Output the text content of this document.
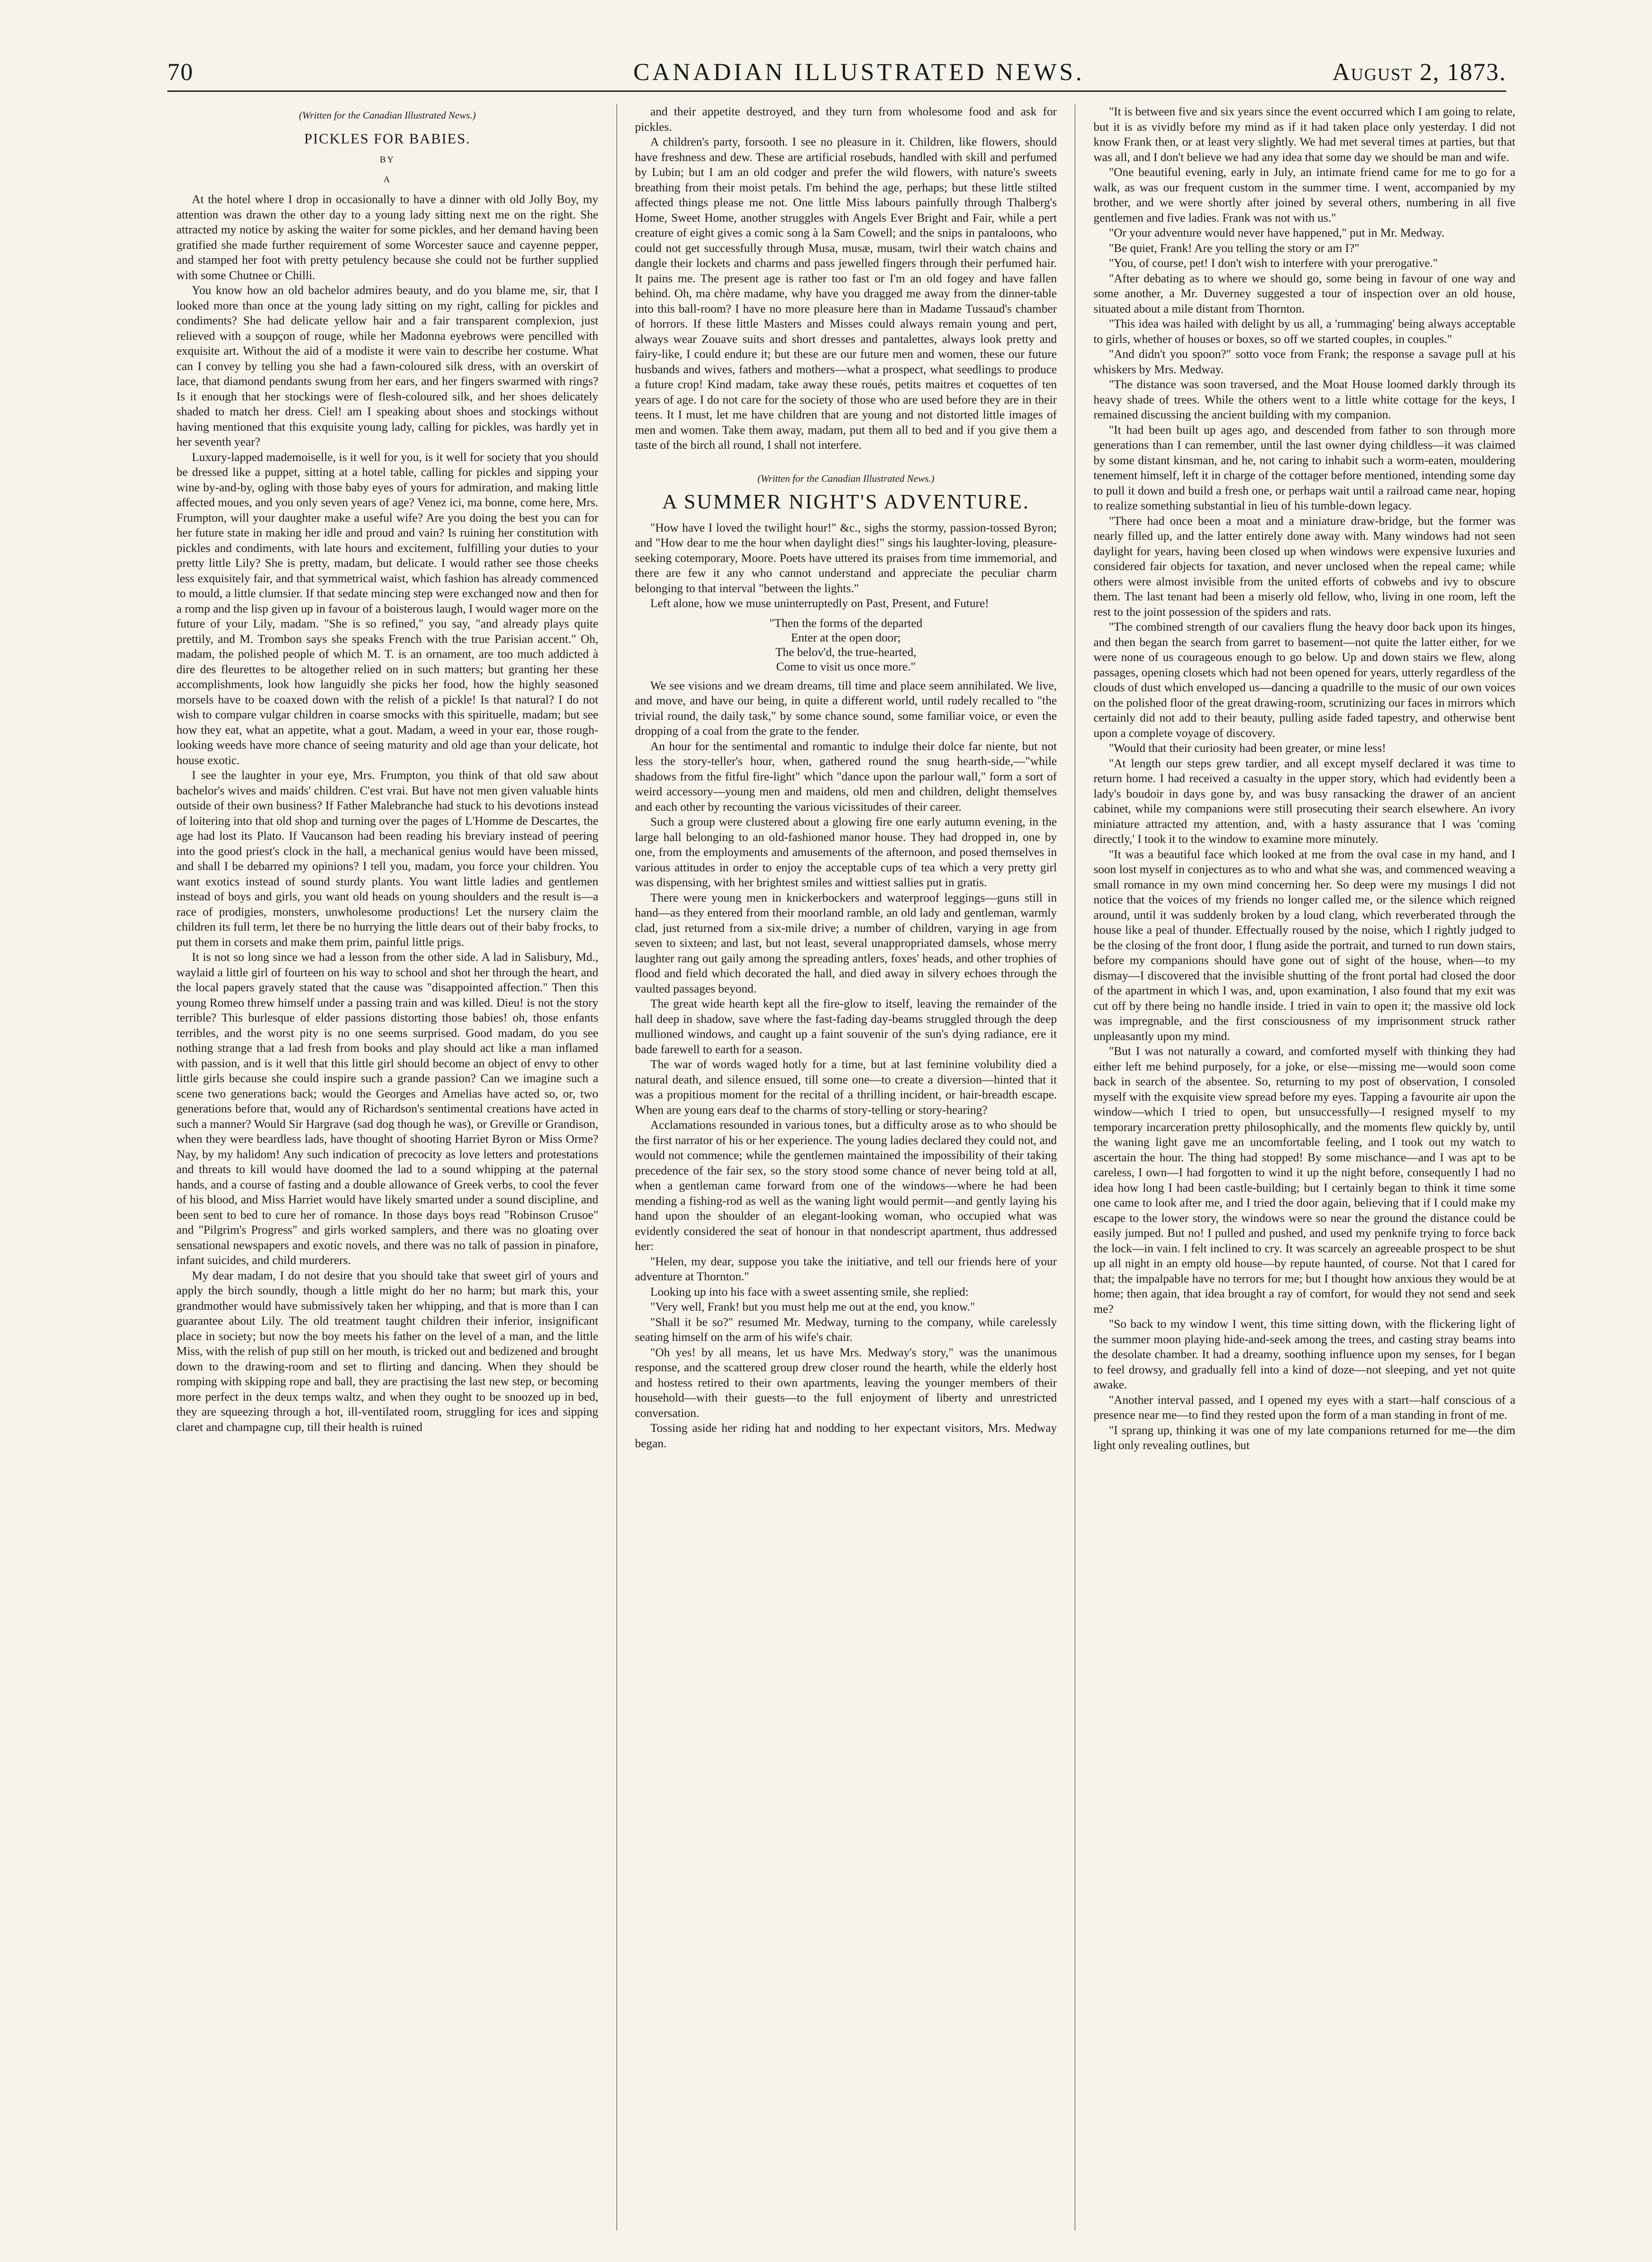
70	CANADIAN ILLUSTRATED NEWS.	August 2, 1873.
(Written for the Canadian Illustrated News.)
PICKLES FOR BABIES.
BY
A

At the hotel where I drop in occasionally to have a dinner with old Jolly Boy, my attention was drawn the other day to a young lady sitting next me on the right. She attracted my notice by asking the waiter for some pickles, and her demand having been gratified she made further requirement of some Worcester sauce and cayenne pepper, and stamped her foot with pretty petulency because she could not be further supplied with some Chutnee or Chilli.

You know how an old bachelor admires beauty, and do you blame me, sir, that I looked more than once at the young lady sitting on my right, calling for pickles and condiments? She had delicate yellow hair and a fair transparent complexion, just relieved with a soupçon of rouge, while her Madonna eyebrows were pencilled with exquisite art. Without the aid of a modiste it were vain to describe her costume. What can I convey by telling you she had a fawn-coloured silk dress, with an overskirt of lace, that diamond pendants swung from her ears, and her fingers swarmed with rings? Is it enough that her stockings were of flesh-coloured silk, and her shoes delicately shaded to match her dress. Ciel! am I speaking about shoes and stockings without having mentioned that this exquisite young lady, calling for pickles, was hardly yet in her seventh year?

Luxury-lapped mademoiselle, is it well for you, is it well for society that you should be dressed like a puppet, sitting at a hotel table, calling for pickles and sipping your wine by-and-by, ogling with those baby eyes of yours for admiration, and making little affected moues, and you only seven years of age? Venez ici, ma bonne, come here, Mrs. Frumpton, will your daughter make a useful wife? Are you doing the best you can for her future state in making her idle and proud and vain? Is ruining her constitution with pickles and condiments, with late hours and excitement, fulfilling your duties to your pretty little Lily? She is pretty, madam, but delicate. I would rather see those cheeks less exquisitely fair, and that symmetrical waist, which fashion has already commenced to mould, a little clumsier. If that sedate mincing step were exchanged now and then for a romp and the lisp given up in favour of a boisterous laugh, I would wager more on the future of your Lily, madam. "She is so refined," you say, "and already plays quite prettily, and M. Trombon says she speaks French with the true Parisian accent." Oh, madam, the polished people of which M. T. is an ornament, are too much addicted à dire des fleurettes to be altogether relied on in such matters; but granting her these accomplishments, look how languidly she picks her food, how the highly seasoned morsels have to be coaxed down with the relish of a pickle! Is that natural? I do not wish to compare vulgar children in coarse smocks with this spirituelle, madam; but see how they eat, what an appetite, what a gout. Madam, a weed in your ear, those rough-looking weeds have more chance of seeing maturity and old age than your delicate, hot house exotic.

I see the laughter in your eye, Mrs. Frumpton, you think of that old saw about bachelor's wives and maids' children. C'est vrai. But have not men given valuable hints outside of their own business? If Father Malebranche had stuck to his devotions instead of loitering into that old shop and turning over the pages of L'Homme de Descartes, the age had lost its Plato. If Vaucanson had been reading his breviary instead of peering into the good priest's clock in the hall, a mechanical genius would have been missed, and shall I be debarred my opinions? I tell you, madam, you force your children. You want exotics instead of sound sturdy plants. You want little ladies and gentlemen instead of boys and girls, you want old heads on young shoulders and the result is—a race of prodigies, monsters, unwholesome productions! Let the nursery claim the children its full term, let there be no hurrying the little dears out of their baby frocks, to put them in corsets and make them prim, painful little prigs.

It is not so long since we had a lesson from the other side. A lad in Salisbury, Md., waylaid a little girl of fourteen on his way to school and shot her through the heart, and the local papers gravely stated that the cause was "disappointed affection." Then this young Romeo threw himself under a passing train and was killed. Dieu! is not the story terrible? This burlesque of elder passions distorting those babies! oh, those enfants terribles, and the worst pity is no one seems surprised. Good madam, do you see nothing strange that a lad fresh from books and play should act like a man inflamed with passion, and is it well that this little girl should become an object of envy to other little girls because she could inspire such a grande passion? Can we imagine such a scene two generations back; would the Georges and Amelias have acted so, or, two generations before that, would any of Richardson's sentimental creations have acted in such a manner? Would Sir Hargrave (sad dog though he was), or Greville or Grandison, when they were beardless lads, have thought of shooting Harriet Byron or Miss Orme? Nay, by my halidom! Any such indication of precocity as love letters and protestations and threats to kill would have doomed the lad to a sound whipping at the paternal hands, and a course of fasting and a double allowance of Greek verbs, to cool the fever of his blood, and Miss Harriet would have likely smarted under a sound discipline, and been sent to bed to cure her of romance. In those days boys read "Robinson Crusoe" and "Pilgrim's Progress" and girls worked samplers, and there was no gloating over sensational newspapers and exotic novels, and there was no talk of passion in pinafore, infant suicides, and child murderers.

My dear madam, I do not desire that you should take that sweet girl of yours and apply the birch soundly, though a little might do her no harm; but mark this, your grandmother would have submissively taken her whipping, and that is more than I can guarantee about Lily. The old treatment taught children their inferior, insignificant place in society; but now the boy meets his father on the level of a man, and the little Miss, with the relish of pup still on her mouth, is tricked out and bedizened and brought down to the drawing-room and set to flirting and dancing. When they should be romping with skipping rope and ball, they are practising the last new step, or becoming more perfect in the deux temps waltz, and when they ought to be snoozed up in bed, they are squeezing through a hot, ill-ventilated room, struggling for ices and sipping claret and champagne cup, till their health is ruined

and their appetite destroyed, and they turn from wholesome food and ask for pickles.

A children's party, forsooth. I see no pleasure in it. Children, like flowers, should have freshness and dew. These are artificial rosebuds, handled with skill and perfumed by Lubin; but I am an old codger and prefer the wild flowers, with nature's sweets breathing from their moist petals. I'm behind the age, perhaps; but these little stilted affected things please me not. One little Miss labours painfully through Thalberg's Home, Sweet Home, another struggles with Angels Ever Bright and Fair, while a pert creature of eight gives a comic song à la Sam Cowell; and the snips in pantaloons, who could not get successfully through Musa, musæ, musam, twirl their watch chains and dangle their lockets and charms and pass jewelled fingers through their perfumed hair. It pains me. The present age is rather too fast or I'm an old fogey and have fallen behind. Oh, ma chère madame, why have you dragged me away from the dinner-table into this ball-room? I have no more pleasure here than in Madame Tussaud's chamber of horrors. If these little Masters and Misses could always remain young and pert, always wear Zouave suits and short dresses and pantalettes, always look pretty and fairy-like, I could endure it; but these are our future men and women, these our future husbands and wives, fathers and mothers—what a prospect, what seedlings to produce a future crop! Kind madam, take away these roués, petits maitres et coquettes of ten years of age. I do not care for the society of those who are used before they are in their teens. It I must, let me have children that are young and not distorted little images of men and women. Take them away, madam, put them all to bed and if you give them a taste of the birch all round, I shall not interfere.

(Written for the Canadian Illustrated News.)
A SUMMER NIGHT'S ADVENTURE.

"How have I loved the twilight hour!" &c., sighs the stormy, passion-tossed Byron; and "How dear to me the hour when daylight dies!" sings his laughter-loving, pleasure-seeking cotemporary, Moore. Poets have uttered its praises from time immemorial, and there are few it any who cannot understand and appreciate the peculiar charm belonging to that interval "between the lights."

Left alone, how we muse uninterruptedly on Past, Present, and Future!

"Then the forms of the departed
Enter at the open door;
The belov'd, the true-hearted,
Come to visit us once more."

We see visions and we dream dreams, till time and place seem annihilated. We live, and move, and have our being, in quite a different world, until rudely recalled to "the trivial round, the daily task," by some chance sound, some familiar voice, or even the dropping of a coal from the grate to the fender.

An hour for the sentimental and romantic to indulge their dolce far niente, but not less the story-teller's hour, when, gathered round the snug hearth-side,—"while shadows from the fitful fire-light" which "dance upon the parlour wall," form a sort of weird accessory—young men and maidens, old men and children, delight themselves and each other by recounting the various vicissitudes of their career.

Such a group were clustered about a glowing fire one early autumn evening, in the large hall belonging to an old-fashioned manor house. They had dropped in, one by one, from the employments and amusements of the afternoon, and posed themselves in various attitudes in order to enjoy the acceptable cups of tea which a very pretty girl was dispensing, with her brightest smiles and wittiest sallies put in gratis.

There were young men in knickerbockers and waterproof leggings—guns still in hand—as they entered from their moorland ramble, an old lady and gentleman, warmly clad, just returned from a six-mile drive; a number of children, varying in age from seven to sixteen; and last, but not least, several unappropriated damsels, whose merry laughter rang out gaily among the spreading antlers, foxes' heads, and other trophies of flood and field which decorated the hall, and died away in silvery echoes through the vaulted passages beyond.

The great wide hearth kept all the fire-glow to itself, leaving the remainder of the hall deep in shadow, save where the fast-fading day-beams struggled through the deep mullioned windows, and caught up a faint souvenir of the sun's dying radiance, ere it bade farewell to earth for a season.

The war of words waged hotly for a time, but at last feminine volubility died a natural death, and silence ensued, till some one—to create a diversion—hinted that it was a propitious moment for the recital of a thrilling incident, or hair-breadth escape. When are young ears deaf to the charms of story-telling or story-hearing?

Acclamations resounded in various tones, but a difficulty arose as to who should be the first narrator of his or her experience. The young ladies declared they could not, and would not commence; while the gentlemen maintained the impossibility of their taking precedence of the fair sex, so the story stood some chance of never being told at all, when a gentleman came forward from one of the windows—where he had been mending a fishing-rod as well as the waning light would permit—and gently laying his hand upon the shoulder of an elegant-looking woman, who occupied what was evidently considered the seat of honour in that nondescript apartment, thus addressed her:

"Helen, my dear, suppose you take the initiative, and tell our friends here of your adventure at Thornton."

Looking up into his face with a sweet assenting smile, she replied:

"Very well, Frank! but you must help me out at the end, you know."

"Shall it be so?" resumed Mr. Medway, turning to the company, while carelessly seating himself on the arm of his wife's chair.

"Oh yes! by all means, let us have Mrs. Medway's story," was the unanimous response, and the scattered group drew closer round the hearth, while the elderly host and hostess retired to their own apartments, leaving the younger members of their household—with their guests—to the full enjoyment of liberty and unrestricted conversation.

Tossing aside her riding hat and nodding to her expectant visitors, Mrs. Medway began.

"It is between five and six years since the event occurred which I am going to relate, but it is as vividly before my mind as if it had taken place only yesterday. I did not know Frank then, or at least very slightly. We had met several times at parties, but that was all, and I don't believe we had any idea that some day we should be man and wife.

"One beautiful evening, early in July, an intimate friend came for me to go for a walk, as was our frequent custom in the summer time. I went, accompanied by my brother, and we were shortly after joined by several others, numbering in all five gentlemen and five ladies. Frank was not with us."

"Or your adventure would never have happened," put in Mr. Medway.

"Be quiet, Frank! Are you telling the story or am I?"

"You, of course, pet! I don't wish to interfere with your prerogative."

"After debating as to where we should go, some being in favour of one way and some another, a Mr. Duverney suggested a tour of inspection over an old house, situated about a mile distant from Thornton.

"This idea was hailed with delight by us all, a 'rummaging' being always acceptable to girls, whether of houses or boxes, so off we started couples, in couples."

"And didn't you spoon?" sotto voce from Frank; the response a savage pull at his whiskers by Mrs. Medway.

"The distance was soon traversed, and the Moat House loomed darkly through its heavy shade of trees. While the others went to a little white cottage for the keys, I remained discussing the ancient building with my companion.

"It had been built up ages ago, and descended from father to son through more generations than I can remember, until the last owner dying childless—it was claimed by some distant kinsman, and he, not caring to inhabit such a worm-eaten, mouldering tenement himself, left it in charge of the cottager before mentioned, intending some day to pull it down and build a fresh one, or perhaps wait until a railroad came near, hoping to realize something substantial in lieu of his tumble-down legacy.

"There had once been a moat and a miniature draw-bridge, but the former was nearly filled up, and the latter entirely done away with. Many windows had not seen daylight for years, having been closed up when windows were expensive luxuries and considered fair objects for taxation, and never unclosed when the repeal came; while others were almost invisible from the united efforts of cobwebs and ivy to obscure them. The last tenant had been a miserly old fellow, who, living in one room, left the rest to the joint possession of the spiders and rats.

"The combined strength of our cavaliers flung the heavy door back upon its hinges, and then began the search from garret to basement—not quite the latter either, for we were none of us courageous enough to go below. Up and down stairs we flew, along passages, opening closets which had not been opened for years, utterly regardless of the clouds of dust which enveloped us—dancing a quadrille to the music of our own voices on the polished floor of the great drawing-room, scrutinizing our faces in mirrors which certainly did not add to their beauty, pulling aside faded tapestry, and otherwise bent upon a complete voyage of discovery.

"Would that their curiosity had been greater, or mine less!

"At length our steps grew tardier, and all except myself declared it was time to return home. I had received a casualty in the upper story, which had evidently been a lady's boudoir in days gone by, and was busy ransacking the drawer of an ancient cabinet, while my companions were still prosecuting their search elsewhere. An ivory miniature attracted my attention, and, with a hasty assurance that I was 'coming directly,' I took it to the window to examine more minutely.

"It was a beautiful face which looked at me from the oval case in my hand, and I soon lost myself in conjectures as to who and what she was, and commenced weaving a small romance in my own mind concerning her. So deep were my musings I did not notice that the voices of my friends no longer called me, or the silence which reigned around, until it was suddenly broken by a loud clang, which reverberated through the house like a peal of thunder. Effectually roused by the noise, which I rightly judged to be the closing of the front door, I flung aside the portrait, and turned to run down stairs, before my companions should have gone out of sight of the house, when—to my dismay—I discovered that the invisible shutting of the front portal had closed the door of the apartment in which I was, and, upon examination, I also found that my exit was cut off by there being no handle inside. I tried in vain to open it; the massive old lock was impregnable, and the first consciousness of my imprisonment struck rather unpleasantly upon my mind.

"But I was not naturally a coward, and comforted myself with thinking they had either left me behind purposely, for a joke, or else—missing me—would soon come back in search of the absentee. So, returning to my post of observation, I consoled myself with the exquisite view spread before my eyes. Tapping a favourite air upon the window—which I tried to open, but unsuccessfully—I resigned myself to my temporary incarceration pretty philosophically, and the moments flew quickly by, until the waning light gave me an uncomfortable feeling, and I took out my watch to ascertain the hour. The thing had stopped! By some mischance—and I was apt to be careless, I own—I had forgotten to wind it up the night before, consequently I had no idea how long I had been castle-building; but I certainly began to think it time some one came to look after me, and I tried the door again, believing that if I could make my escape to the lower story, the windows were so near the ground the distance could be easily jumped. But no! I pulled and pushed, and used my penknife trying to force back the lock—in vain. I felt inclined to cry. It was scarcely an agreeable prospect to be shut up all night in an empty old house—by repute haunted, of course. Not that I cared for that; the impalpable have no terrors for me; but I thought how anxious they would be at home; then again, that idea brought a ray of comfort, for would they not send and seek me?

"So back to my window I went, this time sitting down, with the flickering light of the summer moon playing hide-and-seek among the trees, and casting stray beams into the desolate chamber. It had a dreamy, soothing influence upon my senses, for I began to feel drowsy, and gradually fell into a kind of doze—not sleeping, and yet not quite awake.

"Another interval passed, and I opened my eyes with a start—half conscious of a presence near me—to find they rested upon the form of a man standing in front of me.

"I sprang up, thinking it was one of my late companions returned for me—the dim light only revealing outlines, but
